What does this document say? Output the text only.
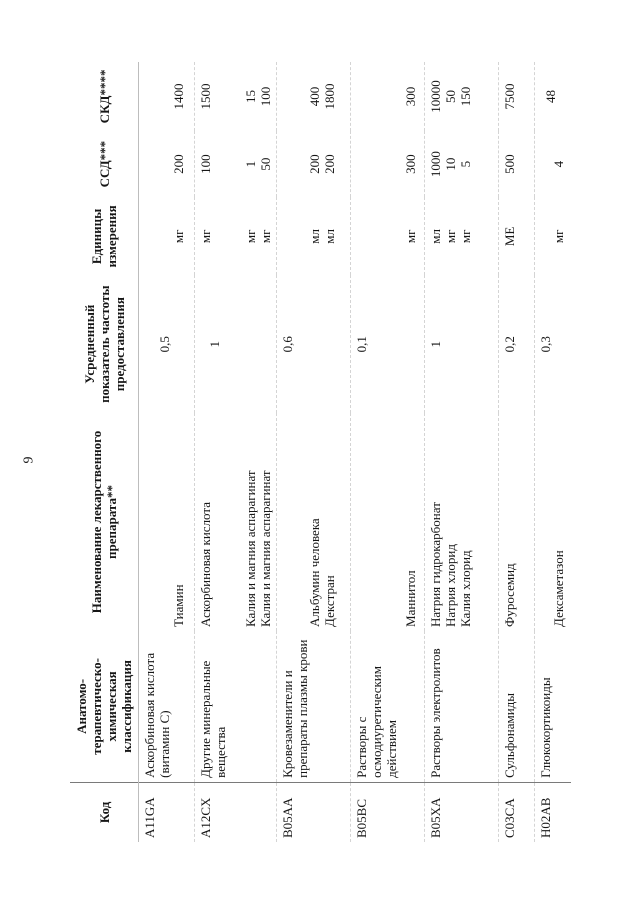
9
Код	Анатомо-терапевтическо-химическая классификация	Наименование лекарственного препарата**	Усредненный показатель частоты предоставления	Единицы измерения	ССД***	СКД****
A11GA	Аскорбиновая кислота (витамин С)	Тиамин	0,5	мг	200	1400

A12CX	Другие минеральные вещества	Аскорбиновая кислота Калия и магния аспарагинат Калия и магния аспарагинат	1	мг мг мг	100 1 50	1500 15 100

B05AA	Кровезаменители и препараты плазмы крови	Альбумин человека Декстран	0,6	мл мл	200 200	400 1800

B05BC	Растворы с осмодиуретическим действием	Маннитол	0,1	мг	300	300

B05XA	Растворы электролитов	Натрия гидрокарбонат Натрия хлорид Калия хлорид	1	мл мг мг	1000 10 5	10000 50 150

C03CA	Сульфонамиды	Фуросемид	0,2	МЕ	500	7500

H02AB	Глюкокортикоиды	Дексаметазон	0,3	мг	4	48
